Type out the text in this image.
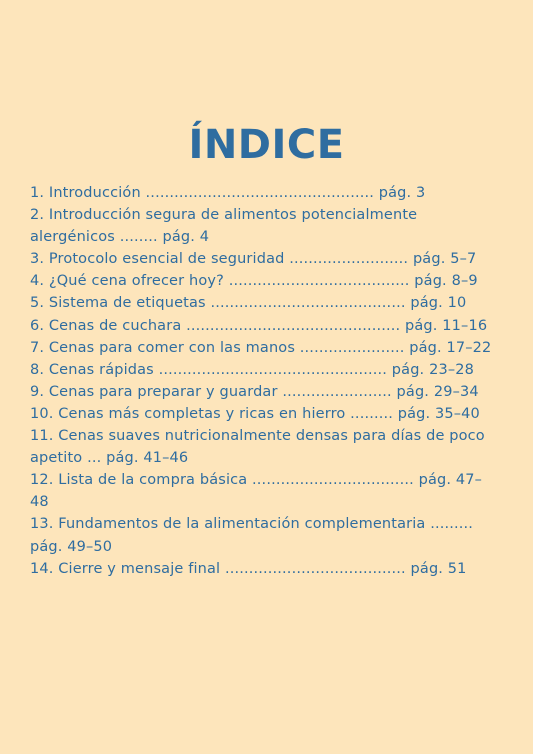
ÍNDICE
1. Introducción ................................................ pág. 3
2. Introducción segura de alimentos potencialmente alergénicos ........ pág. 4
3. Protocolo esencial de seguridad ......................... pág. 5–7
4. ¿Qué cena ofrecer hoy? ...................................... pág. 8–9
5. Sistema de etiquetas ......................................... pág. 10
6. Cenas de cuchara ............................................. pág. 11–16
7. Cenas para comer con las manos ...................... pág. 17–22
8. Cenas rápidas ................................................ pág. 23–28
9. Cenas para preparar y guardar ....................... pág. 29–34
10. Cenas más completas y ricas en hierro ......... pág. 35–40
11. Cenas suaves nutricionalmente densas para días de poco apetito ... pág. 41–46
12. Lista de la compra básica .................................. pág. 47–48
13. Fundamentos de la alimentación complementaria ......... pág. 49–50
14. Cierre y mensaje final ...................................... pág. 51
